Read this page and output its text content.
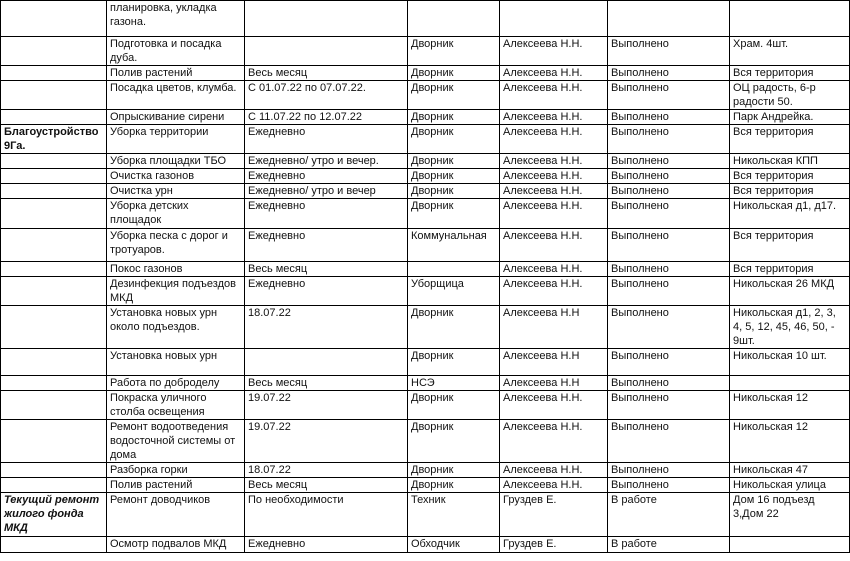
	планировка, укладка газона.					
	Подготовка и посадка дуба.		Дворник	Алексеева Н.Н.	Выполнено	Храм. 4шт.
	Полив растений	Весь месяц	Дворник	Алексеева Н.Н.	Выполнено	Вся территория
	Посадка цветов, клумба.	С 01.07.22 по 07.07.22.	Дворник	Алексеева Н.Н.	Выполнено	ОЦ радость, 6-р радости 50.
	Опрыскивание сирени	С 11.07.22 по 12.07.22	Дворник	Алексеева Н.Н.	Выполнено	Парк Андрейка.
Благоустройство 9Га.	Уборка территории	Ежедневно	Дворник	Алексеева Н.Н.	Выполнено	Вся территория
	Уборка площадки ТБО	Ежедневно/ утро и вечер.	Дворник	Алексеева Н.Н.	Выполнено	Никольская КПП
	Очистка газонов	Ежедневно	Дворник	Алексеева Н.Н.	Выполнено	Вся территория
	Очистка урн	Ежедневно/ утро и вечер	Дворник	Алексеева Н.Н.	Выполнено	Вся территория
	Уборка детских площадок	Ежедневно	Дворник	Алексеева Н.Н.	Выполнено	Никольская д1, д17.
	Уборка песка с дорог и тротуаров.	Ежедневно	Коммунальная	Алексеева Н.Н.	Выполнено	Вся территория
	Покос газонов	Весь месяц		Алексеева Н.Н.	Выполнено	Вся территория
	Дезинфекция подъездов МКД	Ежедневно	Уборщица	Алексеева Н.Н.	Выполнено	Никольская 26 МКД
	Установка новых урн около подъездов.	18.07.22	Дворник	Алексеева Н.Н	Выполнено	Никольская д1, 2, 3, 4, 5, 12, 45, 46, 50, - 9шт.
	Установка новых урн		Дворник	Алексеева Н.Н	Выполнено	Никольская 10 шт.
	Работа по доброделу	Весь месяц	НСЭ	Алексеева Н.Н	Выполнено	
	Покраска уличного столба освещения	19.07.22	Дворник	Алексеева Н.Н.	Выполнено	Никольская 12
	Ремонт водоотведения водосточной системы от дома	19.07.22	Дворник	Алексеева Н.Н.	Выполнено	Никольская 12
	Разборка горки	18.07.22	Дворник	Алексеева Н.Н.	Выполнено	Никольская 47
	Полив растений	Весь месяц	Дворник	Алексеева Н.Н.	Выполнено	Никольская улица
Текущий ремонт жилого фонда МКД	Ремонт доводчиков	По необходимости	Техник	Груздев Е.	В работе	Дом 16 подъезд 3,Дом 22
	Осмотр подвалов МКД	Ежедневно	Обходчик	Груздев Е.	В работе	
